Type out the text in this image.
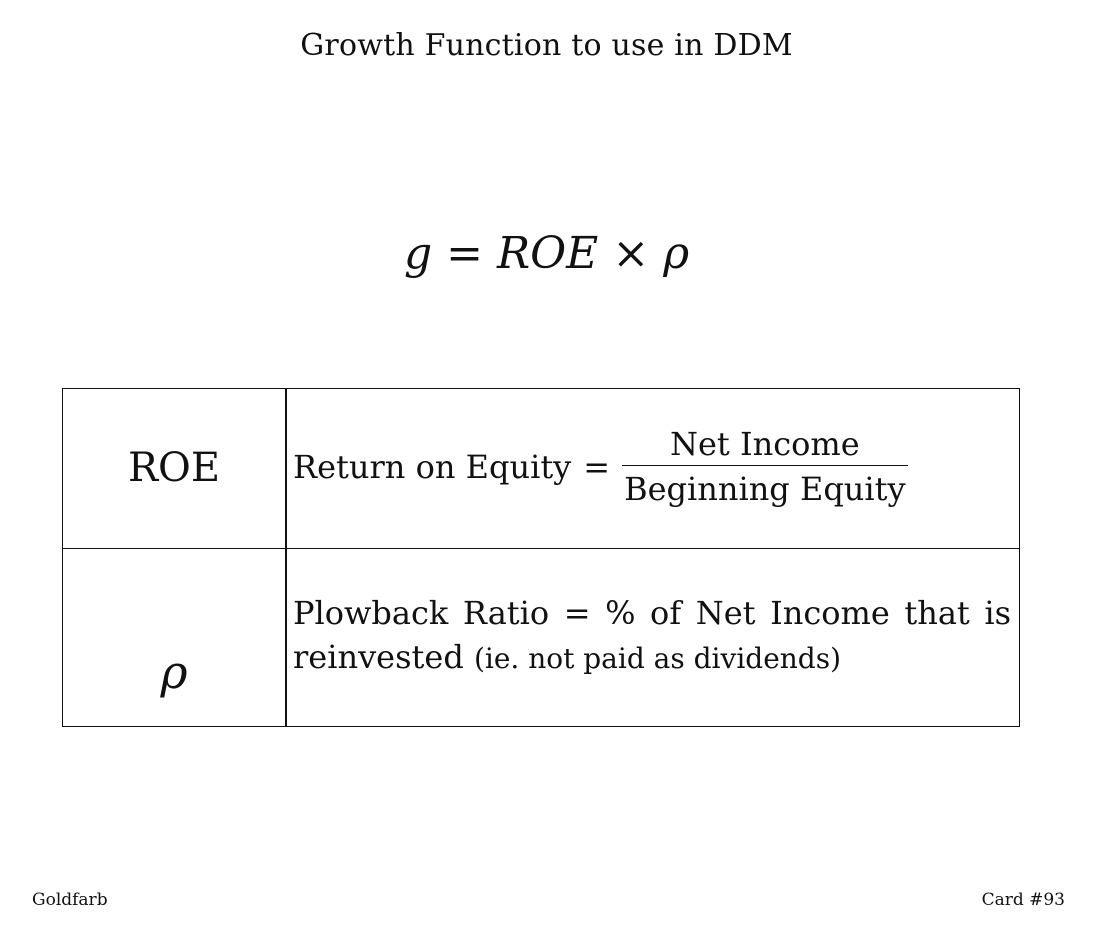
Growth Function to use in DDM
g = ROE × ρ
ROE	Return on Equity = $\frac{\text{Net Income}}{\text{Beginning Equity}}$
ρ
Plowback Ratio = % of Net Income that is reinvested (ie. not paid as dividends)
Goldfarb	Card #93
